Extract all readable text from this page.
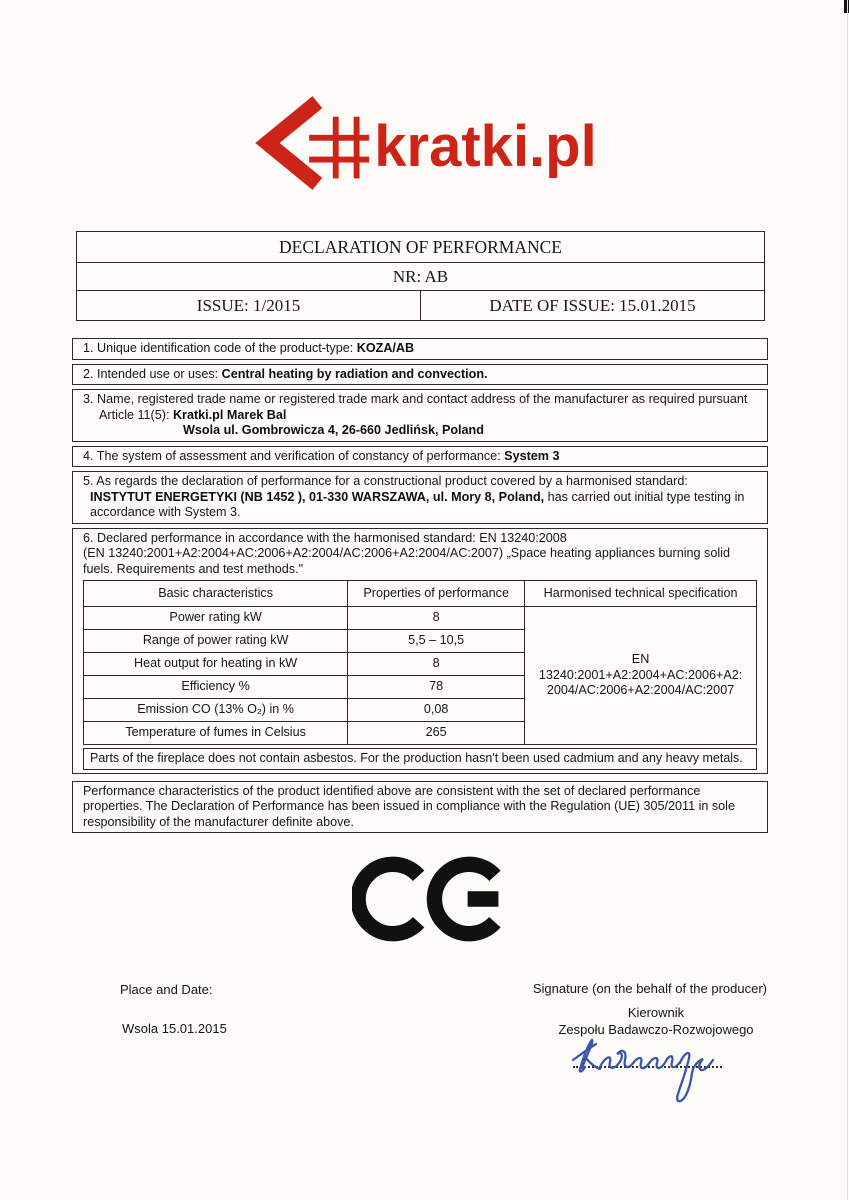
kratki.pl
DECLARATION OF PERFORMANCE
NR: AB
ISSUE: 1/2015	DATE OF ISSUE: 15.01.2015
1. Unique identification code of the product-type: KOZA/AB
2. Intended use or uses: Central heating by radiation and convection.
3. Name, registered trade name or registered trade mark and contact address of the manufacturer as required pursuant
Article 11(5): Kratki.pl Marek Bal
Wsola ul. Gombrowicza 4, 26-660 Jedlińsk, Poland
4. The system of assessment and verification of constancy of performance: System 3
5. As regards the declaration of performance for a constructional product covered by a harmonised standard:
INSTYTUT ENERGETYKI (NB 1452 ), 01-330 WARSZAWA, ul. Mory 8, Poland, has carried out initial type testing in accordance with System 3.
6. Declared performance in accordance with the harmonised standard: EN 13240:2008
(EN 13240:2001+A2:2004+AC:2006+A2:2004/AC:2006+A2:2004/AC:2007) „Space heating appliances burning solid fuels. Requirements and test methods."
Basic characteristics	Properties of performance	Harmonised technical specification
Power rating kW	8	EN 13240:2001+A2:2004+AC:2006+A2:
2004/AC:2006+A2:2004/AC:2007

Range of power rating kW	5,5 – 10,5	
Heat output for heating in kW	8	
Efficiency %	78	
Emission CO (13% O₂) in %	0,08	
Temperature of fumes in Celsius	265	
Parts of the fireplace does not contain asbestos. For the production hasn't been used cadmium and any heavy metals.
Performance characteristics of the product identified above are consistent with the set of declared performance properties. The Declaration of Performance has been issued in compliance with the Regulation (UE) 305/2011 in sole responsibility of the manufacturer definite above.
Place and Date:
Wsola 15.01.2015
Signature (on the behalf of the producer)
Kierownik
Zespołu Badawczo-Rozwojowego
